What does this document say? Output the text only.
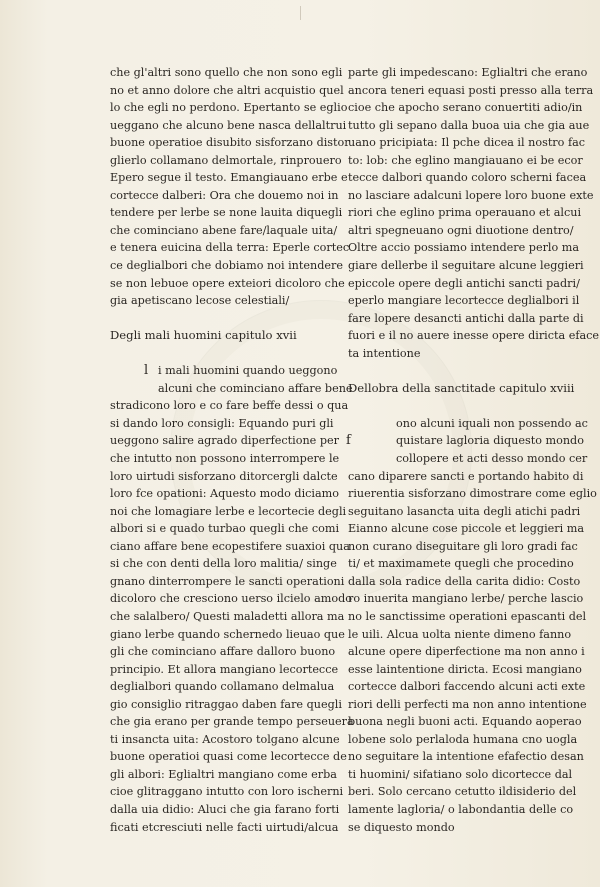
che gl'altri sono quello che non sono egli
no et anno dolore che altri acquistio quel
lo che egli no perdono. Epertanto se eglio
ueggano che alcuno bene nasca dellaltrui
buone operatioe disubito sisforzano distor
glierlo collamano delmortale, rinprouero
Epero segue il testo. Emangiauano erbe e
cortecce dalberi: Ora che douemo noi in
tendere per lerbe se none lauita diquegli
che cominciano abene fare/laquale uita/
e tenera euicina della terra: Eperle cortec
ce deglialbori che dobiamo noi intendere
se non lebuoe opere exteiori dicoloro che
gia apetiscano lecose celestiali/
Degli mali huomini capitulo xvii
l i mali huomini quando ueggono
alcuni che cominciano affare bene
stradicono loro e co fare beffe dessi o qua
si dando loro consigli: Equando puri gli
ueggono salire agrado diperfectione per
che intutto non possono interrompere le
loro uirtudi sisforzano ditorcergli dalcte
loro fce opationi: Aquesto modo diciamo
noi che lomagiare lerbe e lecortecie degli
albori si e quado turbao quegli che comi
ciano affare bene ecopestifere suaxioi qua
si che con denti della loro malitia/ singe
gnano dinterrompere le sancti operationi
dicoloro che cresciono uerso ilcielo amodo
che salalbero/ Questi maladetti allora ma
giano lerbe quando schernedo lieuao que
gli che cominciano affare dalloro buono
principio. Et allora mangiano lecortecce
deglialbori quando collamano delmalua
gio consiglio ritraggao daben fare quegli
che gia erano per grande tempo perseuera
ti insancta uita: Acostoro tolgano alcune
buone operatioi quasi come lecortecce de
gli albori: Eglialtri mangiano come erba
cioe glitraggano intutto con loro ischerni
dalla uia didio: Aluci che gia farano forti
ficati etcresciuti nelle facti uirtudi/alcua
parte gli impedescano: Eglialtri che erano
ancora teneri equasi posti presso alla terra
cioe che apocho serano conuertiti adio/in
tutto gli sepano dalla buoa uia che gia aue
uano pricipiata: Il pche dicea il nostro fac
to: lob: che eglino mangiauano ei be ecor
tecce dalbori quando coloro scherni facea
no lasciare adalcuni lopere loro buone exte
riori che eglino prima operauano et alcui
altri spegneuano ogni diuotione dentro/
Oltre accio possiamo intendere perlo ma
giare dellerbe il seguitare alcune leggieri
epiccole opere degli antichi sancti padri/
eperlo mangiare lecortecce deglialbori il
fare lopere desancti antichi dalla parte di
fuori e il no auere inesse opere diricta eface
ta intentione
Dellobra della sanctitade capitulo xviii
f
ono alcuni iquali non possendo ac
quistare lagloria diquesto mondo
collopere et acti desso mondo cer
cano diparere sancti e portando habito di
riuerentia sisforzano dimostrare come eglio
seguitano lasancta uita degli atichi padri
Eianno alcune cose piccole et leggieri ma
non curano diseguitare gli loro gradi fac
ti/ et maximamete quegli che procedino
dalla sola radice della carita didio: Costo
ro inuerita mangiano lerbe/ perche lascio
no le sanctissime operationi epascanti del
le uili. Alcua uolta niente dimeno fanno
alcune opere diperfectione ma non anno i
esse laintentione diricta. Ecosi mangiano
cortecce dalbori faccendo alcuni acti exte
riori delli perfecti ma non anno intentione
buona negli buoni acti. Equando aoperao
lobene solo perlaloda humana cno uogla
no seguitare la intentione efafectio desan
ti huomini/ sifatiano solo dicortecce dal
beri. Solo cercano cetutto ildisiderio del
lamente lagloria/ o labondantia delle co
se diquesto mondo
